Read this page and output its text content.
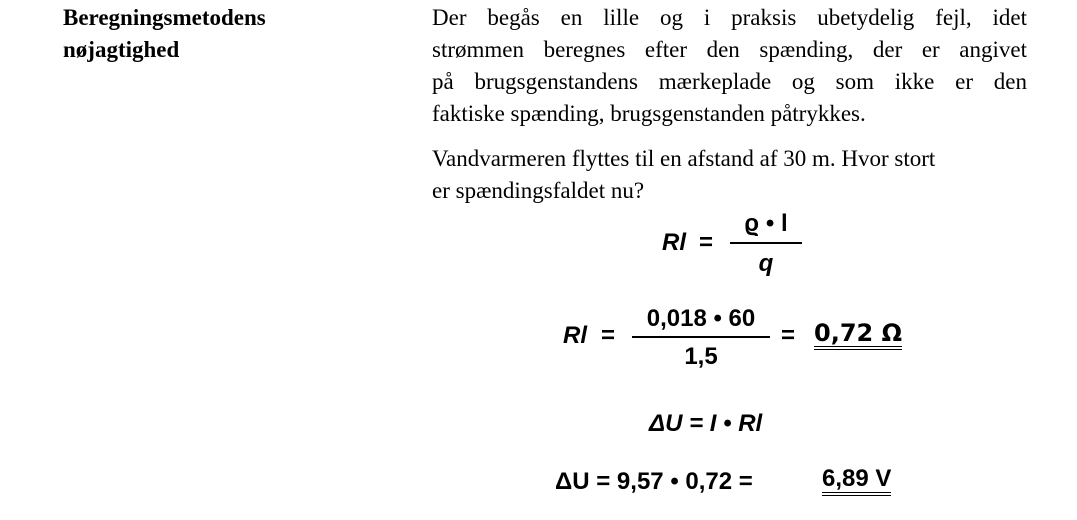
Beregningsmetodens
nøjagtighed
Der begås en lille og i praksis ubetydelig fejl, idet
strømmen beregnes efter den spænding, der er angivet
på brugsgenstandens mærkeplade og som ikke er den
faktiske spænding, brugsgenstanden påtrykkes.
Vandvarmeren flyttes til en afstand af 30 m. Hvor stort
er spændingsfaldet nu?
Rl =
ϱ • l
q
$Rl = \frac{0,018 • 60}{1,5} = 0,72$ Ω
ΔU = I • Rl
ΔU = 9,57 • 0,72 =	6,89 V
